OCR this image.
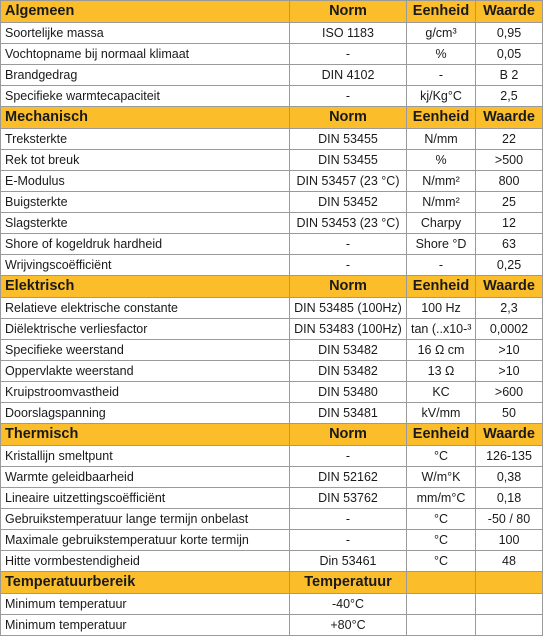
Algemeen	Norm	Eenheid	Waarde
Soortelijke massa	ISO 1183	g/cm³	0,95
Vochtopname bij normaal klimaat	-	%	0,05
Brandgedrag	DIN 4102	-	B 2
Specifieke warmtecapaciteit	-	kj/Kg°C	2,5
Mechanisch	Norm	Eenheid	Waarde
Treksterkte	DIN 53455	N/mm	22
Rek tot breuk	DIN 53455	%	>500
E-Modulus	DIN 53457 (23 °C)	N/mm²	800
Buigsterkte	DIN 53452	N/mm²	25
Slagsterkte	DIN 53453 (23 °C)	Charpy	12
Shore of kogeldruk hardheid	-	Shore °D	63
Wrijvingscoëfficiënt	-	-	0,25
Elektrisch	Norm	Eenheid	Waarde
Relatieve elektrische constante	DIN 53485 (100Hz)	100 Hz	2,3
Diëlektrische verliesfactor	DIN 53483 (100Hz)	tan (..x10-³	0,0002
Specifieke weerstand	DIN 53482	16 Ω cm	>10
Oppervlakte weerstand	DIN 53482	13 Ω	>10
Kruipstroomvastheid	DIN 53480	KC	>600
Doorslagspanning	DIN 53481	kV/mm	50
Thermisch	Norm	Eenheid	Waarde
Kristallijn smeltpunt	-	°C	126-135
Warmte geleidbaarheid	DIN 52162	W/m°K	0,38
Lineaire uitzettingscoëfficiënt	DIN 53762	mm/m°C	0,18
Gebruikstemperatuur lange termijn onbelast	-	°C	-50 / 80
Maximale gebruikstemperatuur korte termijn	-	°C	100
Hitte vormbestendigheid	Din 53461	°C	48
Temperatuurbereik	Temperatuur		
Minimum temperatuur	-40°C		
Minimum temperatuur	+80°C		
